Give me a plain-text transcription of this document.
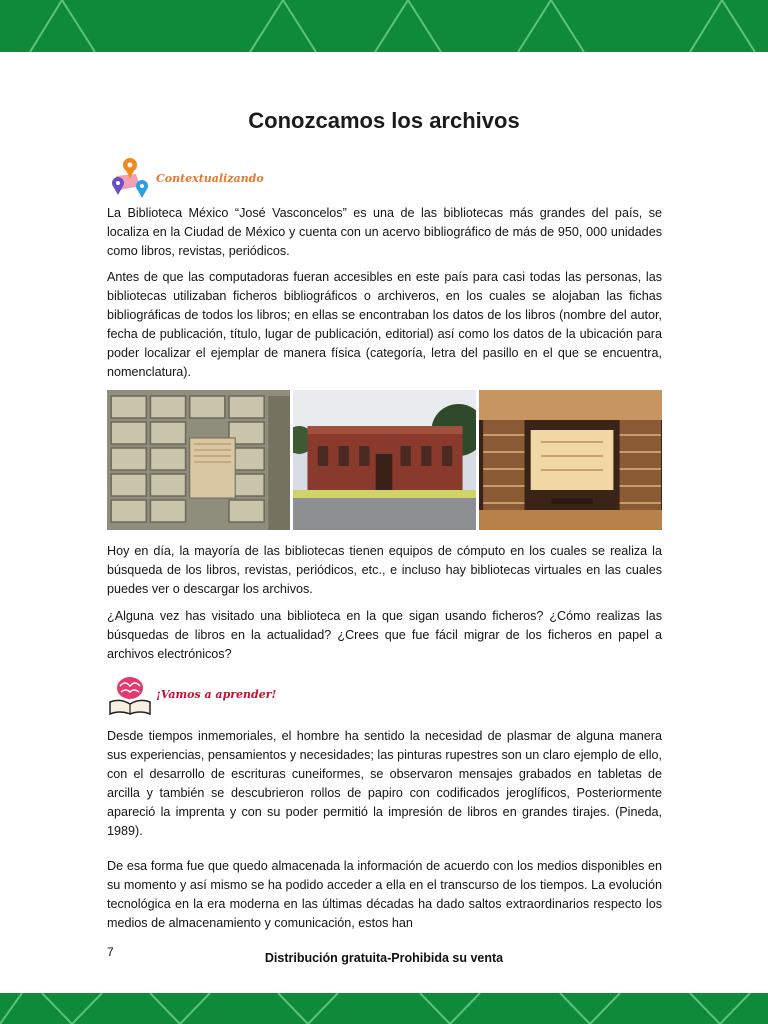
Conozcamos los archivos
Contextualizando
La Biblioteca México “José Vasconcelos” es una de las bibliotecas más grandes del país, se localiza en la Ciudad de México y cuenta con un acervo bibliográfico de más de 950, 000 unidades como libros, revistas, periódicos.
Antes de que las computadoras fueran accesibles en este país para casi todas las personas, las bibliotecas utilizaban ficheros bibliográficos o archiveros, en los cuales se alojaban las fichas bibliográficas de todos los libros; en ellas se encontraban los datos de los libros (nombre del autor, fecha de publicación, título, lugar de publicación, editorial) así como los datos de la ubicación para poder localizar el ejemplar de manera física (categoría, letra del pasillo en el que se encuentra, nomenclatura).
Hoy en día, la mayoría de las bibliotecas tienen equipos de cómputo en los cuales se realiza la búsqueda de los libros, revistas, periódicos, etc., e incluso hay bibliotecas virtuales en las cuales puedes ver o descargar los archivos.
¿Alguna vez has visitado una biblioteca en la que sigan usando ficheros? ¿Cómo realizas las búsquedas de libros en la actualidad? ¿Crees que fue fácil migrar de los ficheros en papel a archivos electrónicos?
¡Vamos a aprender!
Desde tiempos inmemoriales, el hombre ha sentido la necesidad de plasmar de alguna manera sus experiencias, pensamientos y necesidades; las pinturas rupestres son un claro ejemplo de ello, con el desarrollo de escrituras cuneiformes, se observaron mensajes grabados en tabletas de arcilla y también se descubrieron rollos de papiro con codificados jeroglíficos, Posteriormente apareció la imprenta y con su poder permitió la impresión de libros en grandes tirajes. (Pineda, 1989).
De esa forma fue que quedo almacenada la información de acuerdo con los medios disponibles en su momento y así mismo se ha podido acceder a ella en el transcurso de los tiempos. La evolución tecnológica en la era moderna en las últimas décadas ha dado saltos extraordinarios respecto los medios de almacenamiento y comunicación, estos han
7	Distribución gratuita-Prohibida su venta
